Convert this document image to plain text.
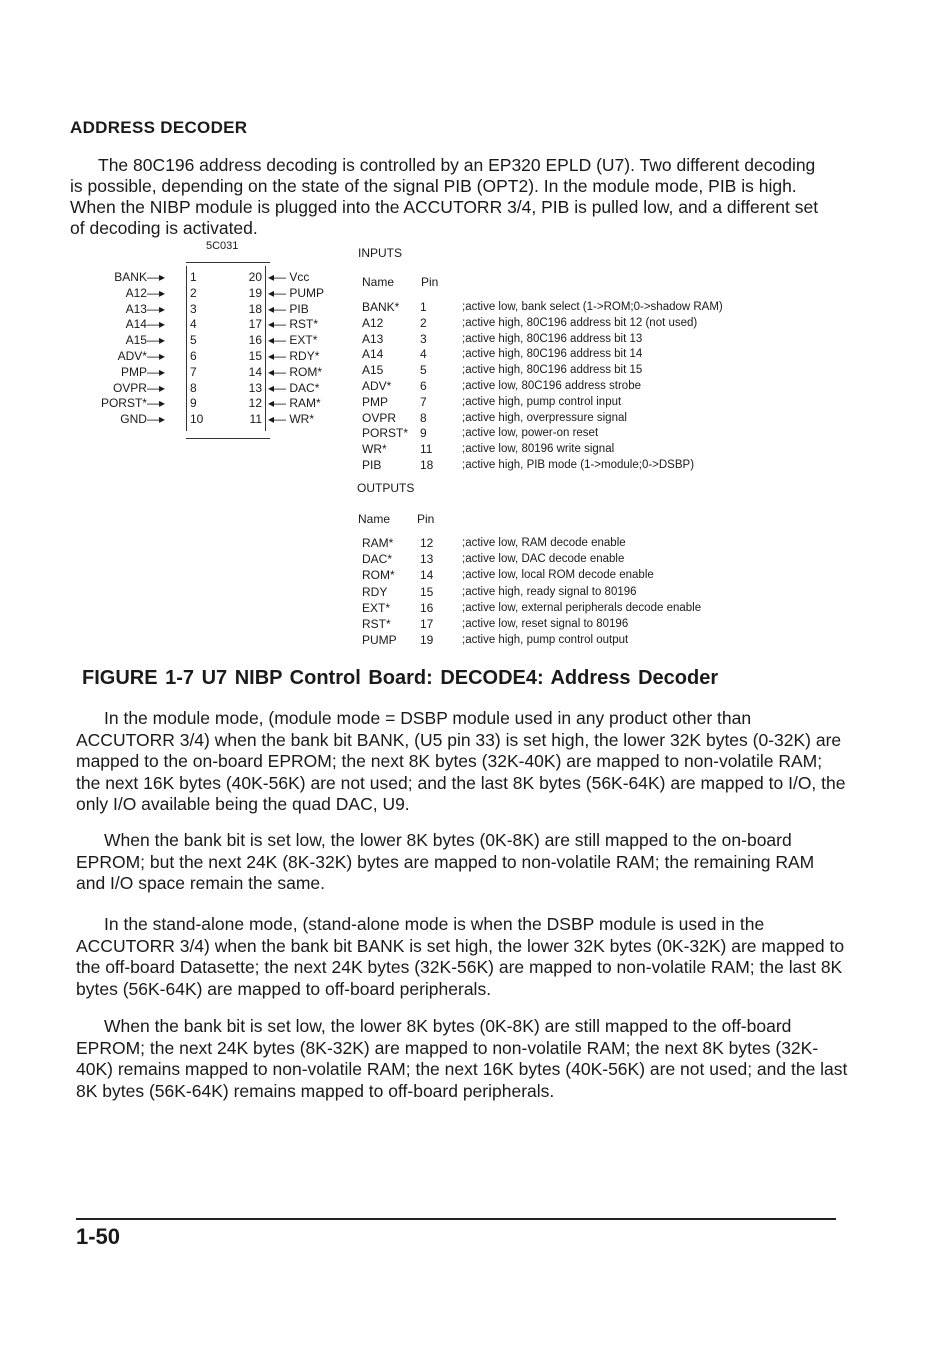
ADDRESS DECODER

The 80C196 address decoding is controlled by an EP320 EPLD (U7). Two different decoding is possible, depending on the state of the signal PIB (OPT2). In the module mode, PIB is high. When the NIBP module is plugged into the ACCUTORR 3/4, PIB is pulled low, and a different set of decoding is activated.

5C031
BANK—▸ 1	20 ◂— Vcc
A12—▸ 2	19 ◂— PUMP
A13—▸ 3	18 ◂— PIB
A14—▸ 4	17 ◂— RST*
A15—▸ 5	16 ◂— EXT*
ADV*—▸ 6	15 ◂— RDY*
PMP—▸ 7	14 ◂— ROM*
OVPR—▸ 8	13 ◂— DAC*
PORST*—▸ 9	12 ◂— RAM*
GND—▸ 10	11 ◂— WR*
INPUTS
Name Pin
BANK* 1	;active low, bank select (1->ROM;0->shadow RAM)
A12	2	;active high, 80C196 address bit 12 (not used)
A13	3	;active high, 80C196 address bit 13
A14	4	;active high, 80C196 address bit 14
A15	5	;active high, 80C196 address bit 15
ADV* 6	;active low, 80C196 address strobe
PMP	7	;active high, pump control input
OVPR 8	;active high, overpressure signal
PORST* 9	;active low, power-on reset
WR*	11	;active low, 80196 write signal
PIB	18 ;active high, PIB mode (1->module;0->DSBP)
OUTPUTS
Name Pin
RAM* 12 ;active low, RAM decode enable
DAC* 13 ;active low, DAC decode enable
ROM* 14 ;active low, local ROM decode enable
RDY	15 ;active high, ready signal to 80196
EXT* 16 ;active low, external peripherals decode enable
RST* 17 ;active low, reset signal to 80196
PUMP 19 ;active high, pump control output
FIGURE 1-7 U7 NIBP Control Board: DECODE4: Address Decoder

In the module mode, (module mode = DSBP module used in any product other than ACCUTORR 3/4) when the bank bit BANK, (U5 pin 33) is set high, the lower 32K bytes (0-32K) are mapped to the on-board EPROM; the next 8K bytes (32K-40K) are mapped to non-volatile RAM; the next 16K bytes (40K-56K) are not used; and the last 8K bytes (56K-64K) are mapped to I/O, the only I/O available being the quad DAC, U9.

When the bank bit is set low, the lower 8K bytes (0K-8K) are still mapped to the on-board EPROM; but the next 24K (8K-32K) bytes are mapped to non-volatile RAM; the remaining RAM and I/O space remain the same.

In the stand-alone mode, (stand-alone mode is when the DSBP module is used in the ACCUTORR 3/4) when the bank bit BANK is set high, the lower 32K bytes (0K-32K) are mapped to the off-board Datasette; the next 24K bytes (32K-56K) are mapped to non-volatile RAM; the last 8K bytes (56K-64K) are mapped to off-board peripherals.

When the bank bit is set low, the lower 8K bytes (0K-8K) are still mapped to the off-board EPROM; the next 24K bytes (8K-32K) are mapped to non-volatile RAM; the next 8K bytes (32K-40K) remains mapped to non-volatile RAM; the next 16K bytes (40K-56K) are not used; and the last 8K bytes (56K-64K) remains mapped to off-board peripherals.

1-50
